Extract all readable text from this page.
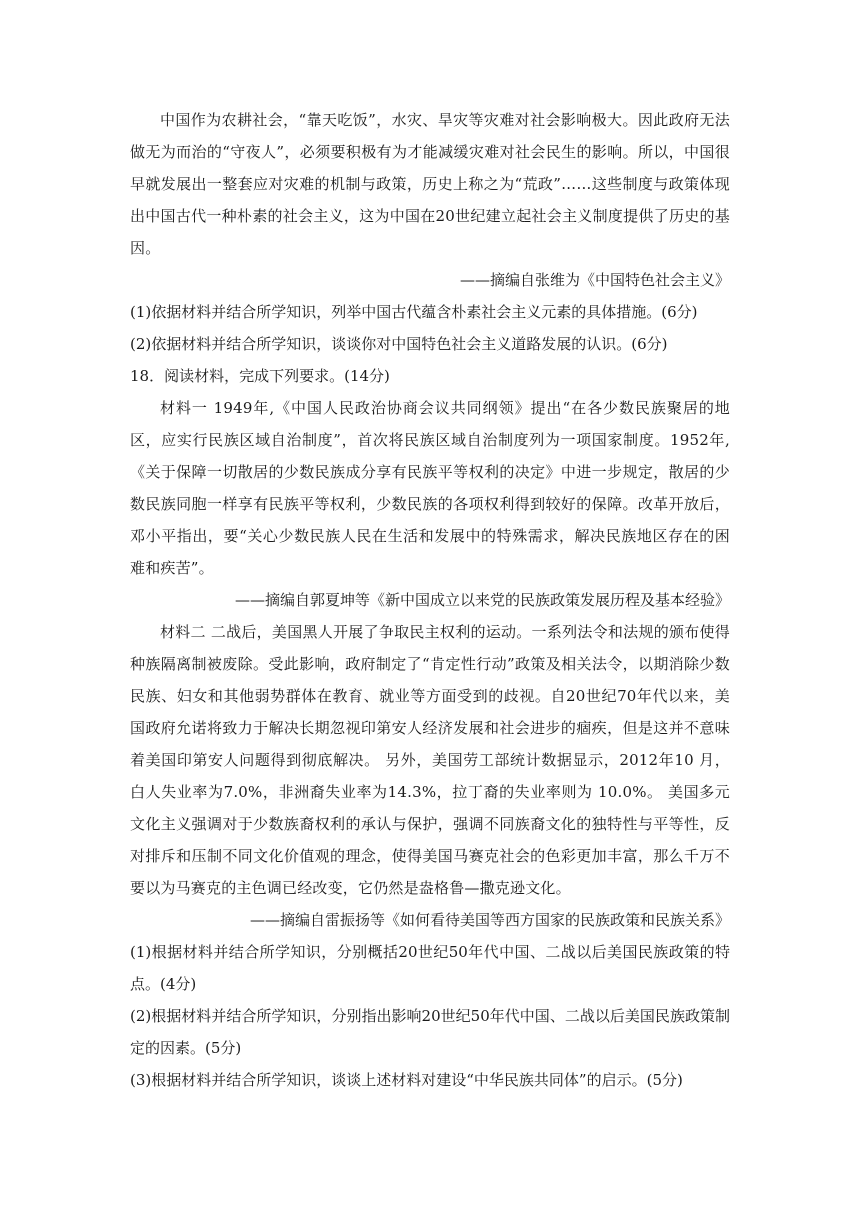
中国作为农耕社会，“靠天吃饭”，水灾、旱灾等灾难对社会影响极大。因此政府无法做无为而治的“守夜人”，必须要积极有为才能减缓灾难对社会民生的影响。所以，中国很早就发展出一整套应对灾难的机制与政策，历史上称之为“荒政”……这些制度与政策体现出中国古代一种朴素的社会主义，这为中国在20世纪建立起社会主义制度提供了历史的基因。

——摘编自张维为《中国特色社会主义》

(1)依据材料并结合所学知识，列举中国古代蕴含朴素社会主义元素的具体措施。(6分)

(2)依据材料并结合所学知识，谈谈你对中国特色社会主义道路发展的认识。(6分)

18．阅读材料，完成下列要求。(14分)

材料一 1949年,《中国人民政治协商会议共同纲领》提出“在各少数民族聚居的地区，应实行民族区域自治制度”，首次将民族区域自治制度列为一项国家制度。1952年,《关于保障一切散居的少数民族成分享有民族平等权利的决定》中进一步规定，散居的少数民族同胞一样享有民族平等权利，少数民族的各项权利得到较好的保障。改革开放后，邓小平指出，要“关心少数民族人民在生活和发展中的特殊需求，解决民族地区存在的困难和疾苦”。

——摘编自郭夏坤等《新中国成立以来党的民族政策发展历程及基本经验》

材料二 二战后，美国黑人开展了争取民主权利的运动。一系列法令和法规的颁布使得种族隔离制被废除。受此影响，政府制定了“肯定性行动”政策及相关法令，以期消除少数民族、妇女和其他弱势群体在教育、就业等方面受到的歧视。自20世纪70年代以来，美国政府允诺将致力于解决长期忽视印第安人经济发展和社会进步的痼疾，但是这并不意味着美国印第安人问题得到彻底解决。 另外，美国劳工部统计数据显示，2012年10 月，白人失业率为7.0%，非洲裔失业率为14.3%，拉丁裔的失业率则为 10.0%。 美国多元文化主义强调对于少数族裔权利的承认与保护，强调不同族裔文化的独特性与平等性，反对排斥和压制不同文化价值观的理念，使得美国马赛克社会的色彩更加丰富，那么千万不要以为马赛克的主色调已经改变，它仍然是盎格鲁—撒克逊文化。

——摘编自雷振扬等《如何看待美国等西方国家的民族政策和民族关系》

(1)根据材料并结合所学知识，分别概括20世纪50年代中国、二战以后美国民族政策的特点。(4分)

(2)根据材料并结合所学知识，分别指出影响20世纪50年代中国、二战以后美国民族政策制定的因素。(5分)

(3)根据材料并结合所学知识，谈谈上述材料对建设“中华民族共同体”的启示。(5分)
